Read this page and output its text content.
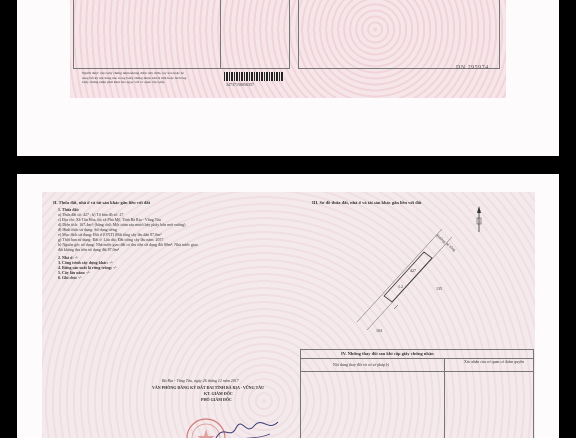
Người được cấp Giấy chứng nhận không được sửa chữa, tẩy xóa hoặc bổ
sung bất kỳ nội dung nào trong Giấy chứng nhận; khi bị mất hoặc hư hỏng
Giấy chứng nhận phải khai báo ngay với cơ quan cấp Giấy.	34737150056357
DN 295974
II. Thửa đất, nhà ở và tài sản khác gắn liền với đất
1. Thửa đất:
a) Thửa đất số: 427 ; b) Tờ bản đồ số: 27
c) Địa chỉ: Xã Tân Hòa, thị xã Phú Mỹ, Tỉnh Bà Rịa - Vũng Tàu
d) Diện tích: 167,4m²; (bằng chữ: Một trăm sáu mươi bảy phẩy bốn mét vuông)
đ) Hình thức sử dụng: Sử dụng riêng
e) Mục đích sử dụng: Đất ở (ONT) (Đất tổng sây lâu dân 87,0m²
g) Thời hạn sử dụng: Đất ở: Lâu dài; Đất trồng cây lâu năm: 2057
h) Nguồn gốc sử dụng: Nhà nước giao đất có thu tiền sử dụng đất 80m²; Nhà nước giao
đất không thu tiền sử dụng đất 87,0m²
2. Nhà ở: -/-
3. Công trình xây dựng khác: -/-
4. Rừng sản xuất là rừng trồng: -/-
5. Cây lâu năm: -/-
6. Ghi chú: -/-
III. Sơ đồ thửa đất, nhà ở và tài sản khác gắn liền với đất
Đường bê tông
427
1.2	135
104
Bà Rịa - Vũng Tàu, ngày 26 tháng 12 năm 2017
VĂN PHÒNG ĐĂNG KÝ ĐẤT ĐAI TỈNH BÀ RỊA - VŨNG TÀU
KT. GIÁM ĐỐC
PHÓ GIÁM ĐỐC
IV. Những thay đổi sau khi cấp giấy chứng nhận
Nội dung thay đổi và cơ sở pháp lý
Xác nhận của cơ quan có thẩm quyền
